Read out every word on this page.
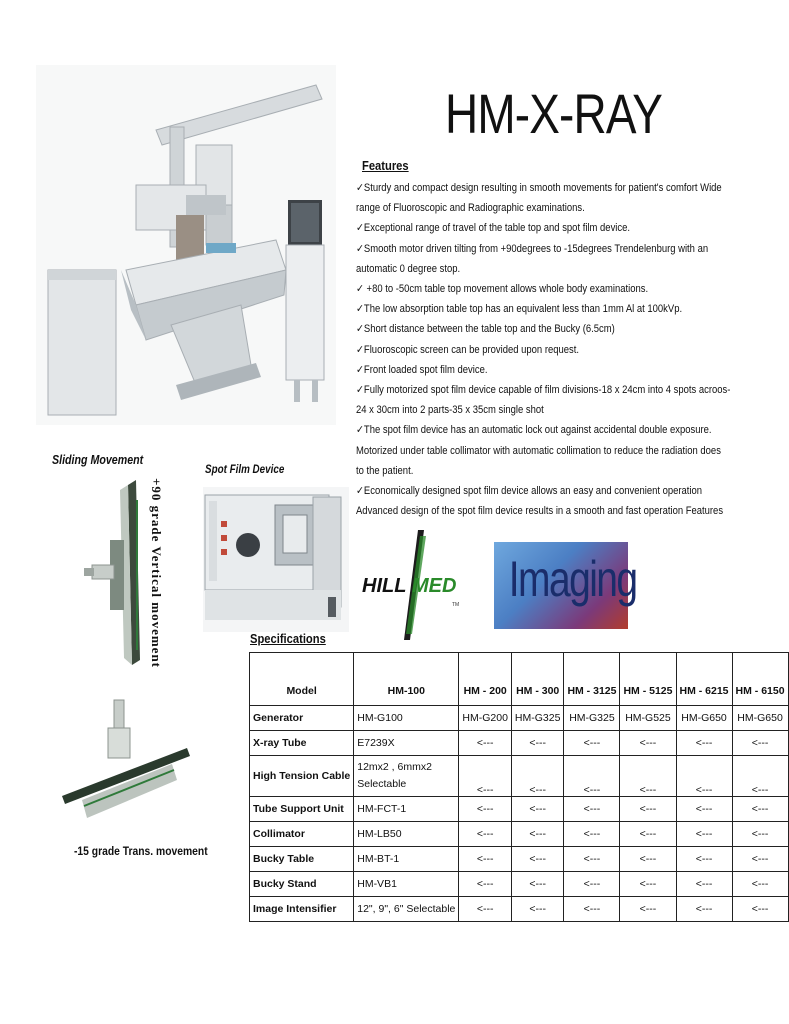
HM-X-RAY
Features
✓Sturdy and compact design resulting in smooth movements for patient's comfort Wide
range of Fluoroscopic and Radiographic examinations.
✓Exceptional range of travel of the table top and spot film device.
✓Smooth motor driven tilting from +90degrees to -15degrees Trendelenburg with an
automatic 0 degree stop.
✓ +80 to -50cm table top movement allows whole body examinations.
✓The low absorption table top has an equivalent less than 1mm Al at 100kVp.
✓Short distance between the table top and the Bucky (6.5cm)
✓Fluoroscopic screen can be provided upon request.
✓Front loaded spot film device.
✓Fully motorized spot film device capable of film divisions-18 x 24cm into 4 spots acroos-
24 x 30cm into 2 parts-35 x 35cm single shot
✓The spot film device has an automatic lock out against accidental double exposure.
Motorized under table collimator with automatic collimation to reduce the radiation does
to the patient.
✓Economically designed spot film device allows an easy and convenient operation
Advanced design of the spot film device results in a smooth and fast operation Features
Sliding Movement
+90 grade Vertical movement
-15 grade Trans. movement
Spot Film Device
HILL MED
TM Imaging
Specifications
Model	HM-100	HM - 200	HM - 300	HM - 3125	HM - 5125	HM - 6215	HM - 6150
Generator	HM-G100	HM-G200	HM-G325	HM-G325	HM-G525	HM-G650	HM-G650
X-ray Tube	E7239X	<---	<---	<---	<---	<---	<---
High Tension Cable	12mx2 , 6mmx2 Selectable	<---	<---	<---	<---	<---	<---
Tube Support Unit	HM-FCT-1	<---	<---	<---	<---	<---	<---
Collimator	HM-LB50	<---	<---	<---	<---	<---	<---
Bucky Table	HM-BT-1	<---	<---	<---	<---	<---	<---
Bucky Stand	HM-VB1	<---	<---	<---	<---	<---	<---
Image Intensifier	12", 9", 6" Selectable	<---	<---	<---	<---	<---	<---
